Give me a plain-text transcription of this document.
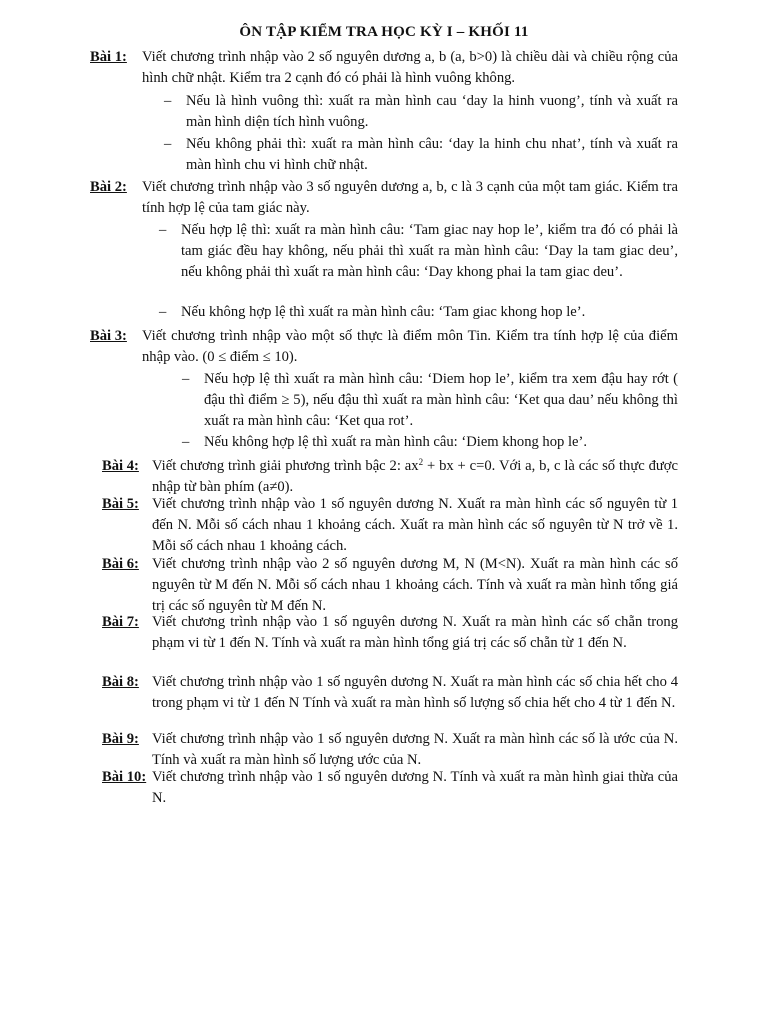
ÔN TẬP KIỂM TRA HỌC KỲ I – KHỐI 11
Bài 1: Viết chương trình nhập vào 2 số nguyên dương a, b (a, b>0) là chiều dài và chiều rộng của hình chữ nhật. Kiểm tra 2 cạnh đó có phải là hình vuông không.
– Nếu là hình vuông thì: xuất ra màn hình cau ‘day la hinh vuong’, tính và xuất ra màn hình diện tích hình vuông.
– Nếu không phải thì: xuất ra màn hình câu: ‘day la hinh chu nhat’, tính và xuất ra màn hình chu vi hình chữ nhật.
Bài 2: Viết chương trình nhập vào 3 số nguyên dương a, b, c là 3 cạnh của một tam giác. Kiểm tra tính hợp lệ của tam giác này.
– Nếu hợp lệ thì: xuất ra màn hình câu: ‘Tam giac nay hop le’, kiểm tra đó có phải là tam giác đều hay không, nếu phải thì xuất ra màn hình câu: ‘Day la tam giac deu’, nếu không phải thì xuất ra màn hình câu: ‘Day khong phai la tam giac deu’.
– Nếu không hợp lệ thì xuất ra màn hình câu: ‘Tam giac khong hop le’.
Bài 3: Viết chương trình nhập vào một số thực là điểm môn Tin. Kiểm tra tính hợp lệ của điểm nhập vào. (0 ≤ điểm ≤ 10).
– Nếu hợp lệ thì xuất ra màn hình câu: ‘Diem hop le’, kiểm tra xem đậu hay rớt ( đậu thì điểm ≥ 5), nếu đậu thì xuất ra màn hình câu: ‘Ket qua dau’ nếu không thì xuất ra màn hình câu: ‘Ket qua rot’.
– Nếu không hợp lệ thì xuất ra màn hình câu: ‘Diem khong hop le’.
Bài 4: Viết chương trình giải phương trình bậc 2: $ax^2$ + bx + c=0. Với a, b, c là các số thực được nhập từ bàn phím (a≠0).
Bài 5: Viết chương trình nhập vào 1 số nguyên dương N. Xuất ra màn hình các số nguyên từ 1 đến N. Mỗi số cách nhau 1 khoảng cách. Xuất ra màn hình các số nguyên từ N trở về 1. Mỗi số cách nhau 1 khoảng cách.
Bài 6: Viết chương trình nhập vào 2 số nguyên dương M, N (M<N). Xuất ra màn hình các số nguyên từ M đến N. Mỗi số cách nhau 1 khoảng cách. Tính và xuất ra màn hình tổng giá trị các số nguyên từ M đến N.
Bài 7: Viết chương trình nhập vào 1 số nguyên dương N. Xuất ra màn hình các số chẵn trong phạm vi từ 1 đến N. Tính và xuất ra màn hình tổng giá trị các số chẵn từ 1 đến N.
Bài 8: Viết chương trình nhập vào 1 số nguyên dương N. Xuất ra màn hình các số chia hết cho 4 trong phạm vi từ 1 đến N Tính và xuất ra màn hình số lượng số chia hết cho 4 từ 1 đến N.
Bài 9: Viết chương trình nhập vào 1 số nguyên dương N. Xuất ra màn hình các số là ước của N. Tính và xuất ra màn hình số lượng ước của N.
Bài 10: Viết chương trình nhập vào 1 số nguyên dương N. Tính và xuất ra màn hình giai thừa của N.
